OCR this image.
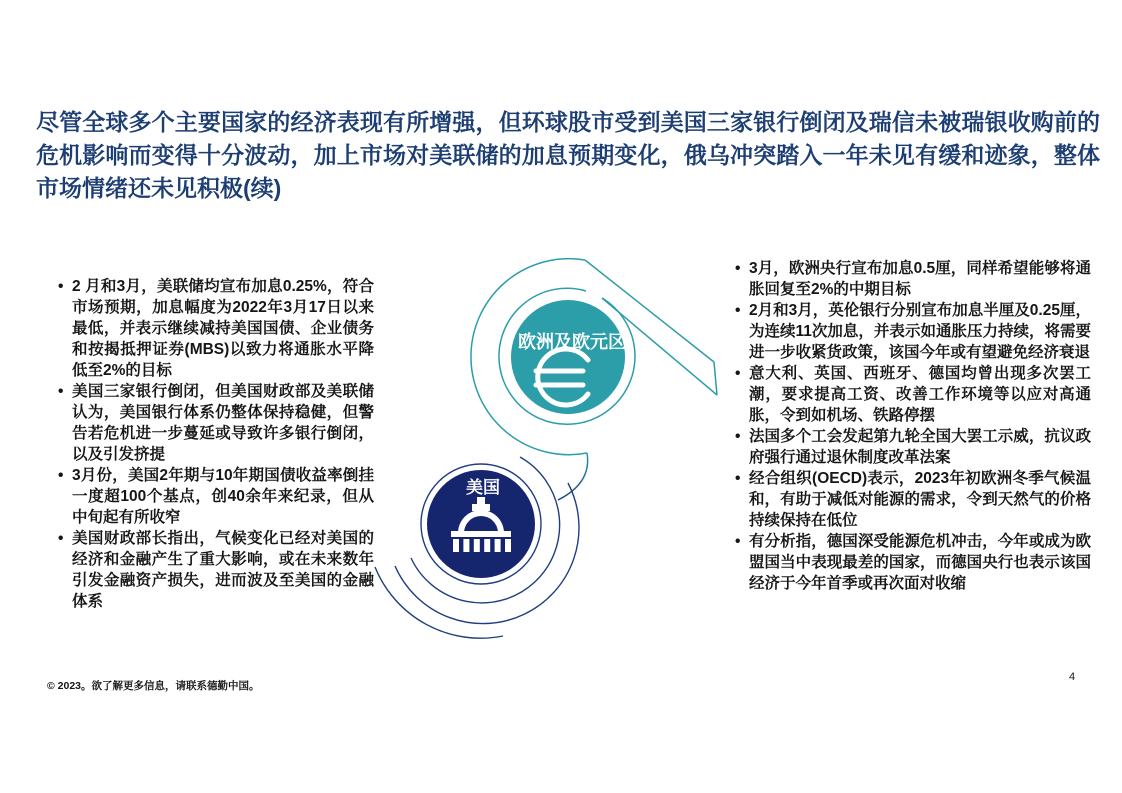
尽管全球多个主要国家的经济表现有所增强，但环球股市受到美国三家银行倒闭及瑞信未被瑞银收购前的危机影响而变得十分波动，加上市场对美联储的加息预期变化，俄乌冲突踏入一年未见有缓和迹象，整体市场情绪还未见积极(续)
• 2 月和3月，美联储均宣布加息0.25%，符合市场预期，加息幅度为2022年3月17日以来最低，并表示继续减持美国国债、企业债务和按揭抵押证券(MBS)以致力将通胀水平降低至2%的目标
• 美国三家银行倒闭，但美国财政部及美联储认为，美国银行体系仍整体保持稳健，但警告若危机进一步蔓延或导致许多银行倒闭，以及引发挤提
• 3月份，美国2年期与10年期国债收益率倒挂一度超100个基点，创40余年来纪录，但从中旬起有所收窄
• 美国财政部长指出，气候变化已经对美国的经济和金融产生了重大影响，或在未来数年引发金融资产损失，进而波及至美国的金融体系
• 3月，欧洲央行宣布加息0.5厘，同样希望能够将通胀回复至2%的中期目标
• 2月和3月，英伦银行分别宣布加息半厘及0.25厘，为连续11次加息，并表示如通胀压力持续，将需要进一步收紧货政策，该国今年或有望避免经济衰退
• 意大利、英国、西班牙、德国均曾出现多次罢工潮，要求提高工资、改善工作环境等以应对高通胀，令到如机场、铁路停摆
• 法国多个工会发起第九轮全国大罢工示威，抗议政府强行通过退休制度改革法案
• 经合组织(OECD)表示，2023年初欧洲冬季气候温和，有助于减低对能源的需求，令到天然气的价格持续保持在低位
• 有分析指，德国深受能源危机冲击，今年或成为欧盟国当中表现最差的国家，而德国央行也表示该国经济于今年首季或再次面对收缩
欧洲及欧元区
美国
© 2023。欲了解更多信息，请联系德勤中国。
4
